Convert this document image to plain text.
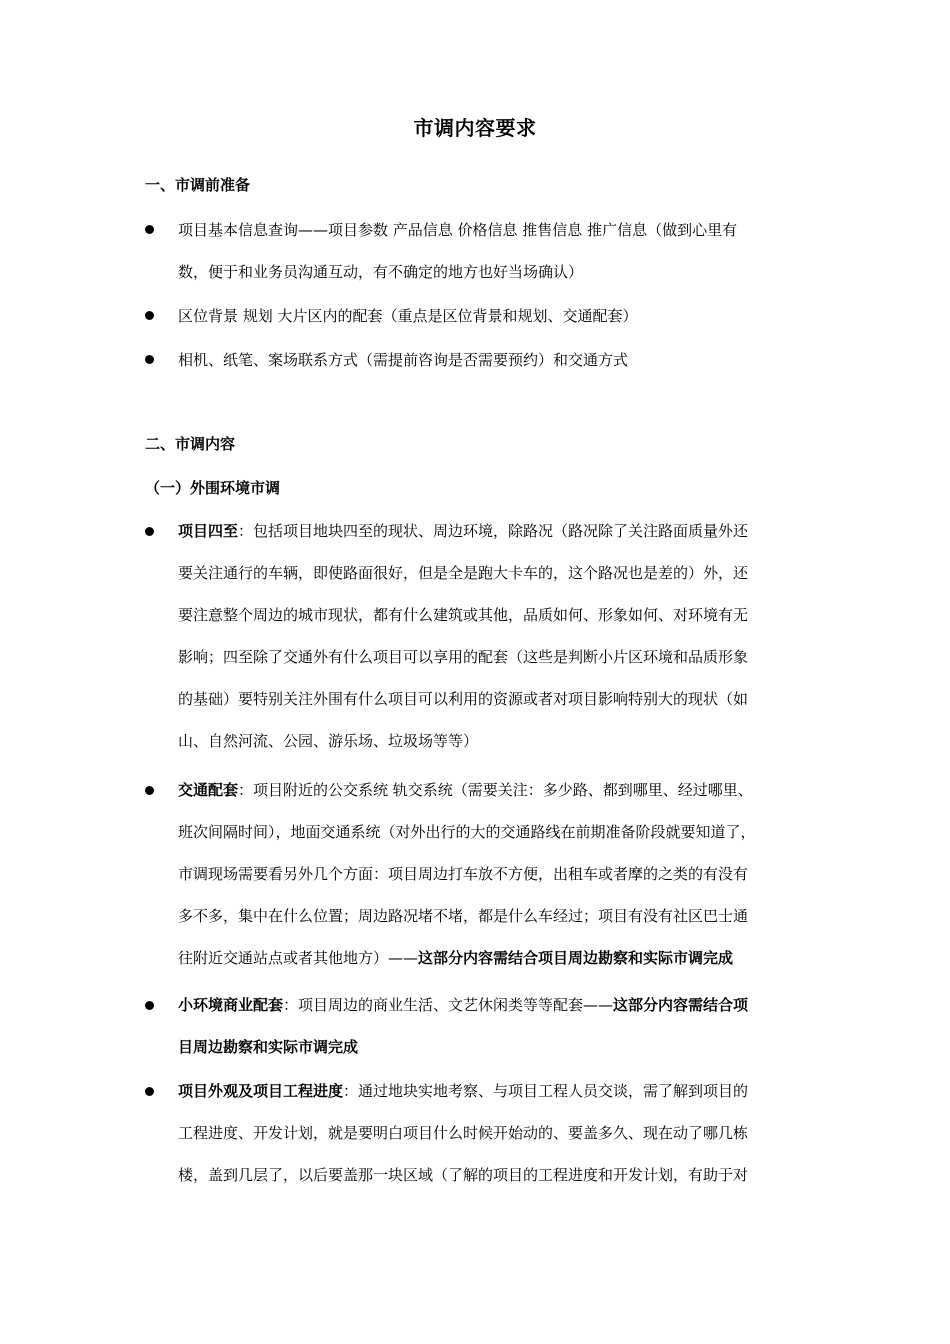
市调内容要求
一、市调前准备
项目基本信息查询——项目参数 产品信息 价格信息 推售信息 推广信息（做到心里有
数，便于和业务员沟通互动，有不确定的地方也好当场确认）
区位背景 规划 大片区内的配套（重点是区位背景和规划、交通配套）
相机、纸笔、案场联系方式（需提前咨询是否需要预约）和交通方式
二、市调内容
（一）外围环境市调
项目四至：包括项目地块四至的现状、周边环境，除路况（路况除了关注路面质量外还
要关注通行的车辆，即使路面很好，但是全是跑大卡车的，这个路况也是差的）外，还
要注意整个周边的城市现状，都有什么建筑或其他，品质如何、形象如何、对环境有无
影响；四至除了交通外有什么项目可以享用的配套（这些是判断小片区环境和品质形象
的基础）要特别关注外围有什么项目可以利用的资源或者对项目影响特别大的现状（如
山、自然河流、公园、游乐场、垃圾场等等）
交通配套：项目附近的公交系统 轨交系统（需要关注：多少路、都到哪里、经过哪里、
班次间隔时间），地面交通系统（对外出行的大的交通路线在前期准备阶段就要知道了，
市调现场需要看另外几个方面：项目周边打车放不方便，出租车或者摩的之类的有没有
多不多，集中在什么位置；周边路况堵不堵，都是什么车经过；项目有没有社区巴士通
往附近交通站点或者其他地方）——这部分内容需结合项目周边勘察和实际市调完成
小环境商业配套：项目周边的商业生活、文艺休闲类等等配套——这部分内容需结合项
目周边勘察和实际市调完成
项目外观及项目工程进度：通过地块实地考察、与项目工程人员交谈，需了解到项目的
工程进度、开发计划，就是要明白项目什么时候开始动的、要盖多久、现在动了哪几栋
楼，盖到几层了，以后要盖那一块区域（了解的项目的工程进度和开发计划，有助于对
